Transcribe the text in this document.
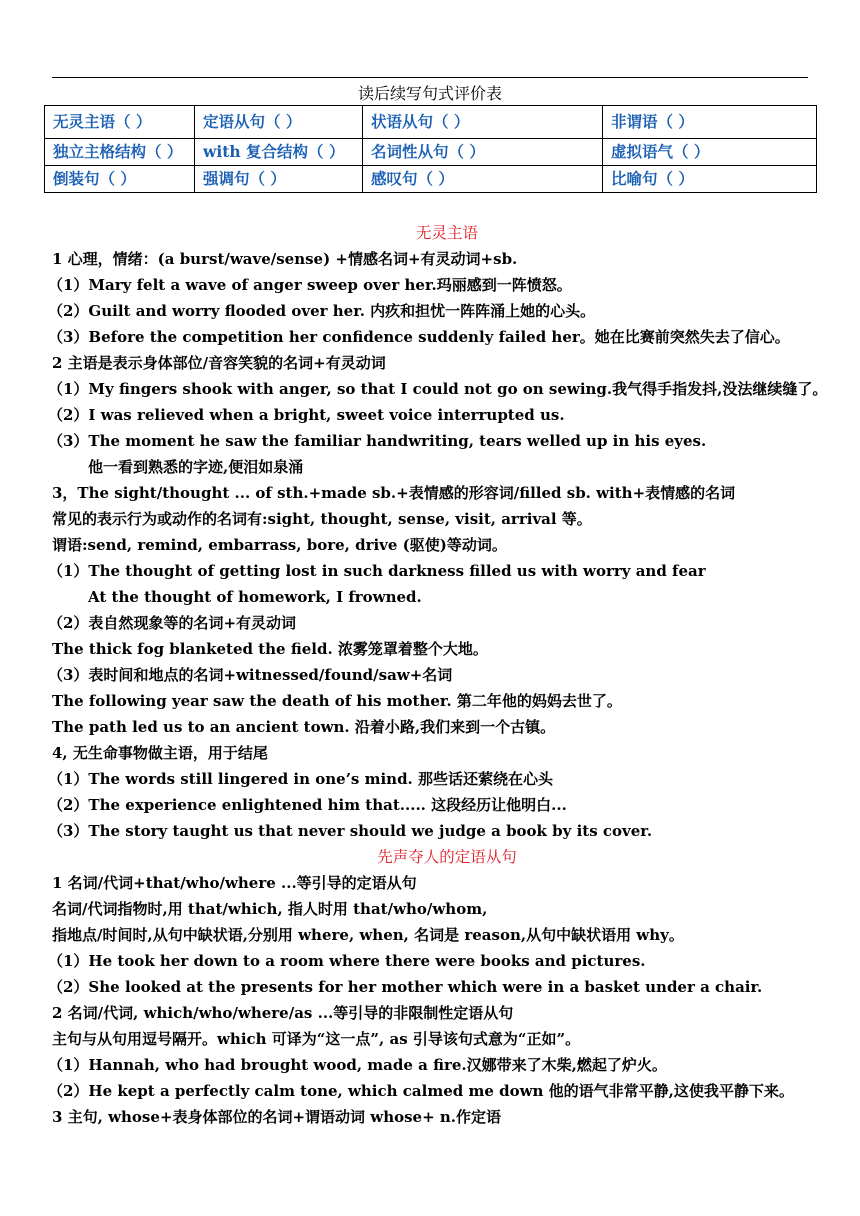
读后续写句式评价表
无灵主语（ ）	定语从句（ ）	状语从句（ ）	非谓语（ ）
独立主格结构（ ）	with 复合结构（ ）	名词性从句（ ）	虚拟语气（ ）
倒装句（ ）	强调句（ ）	感叹句（ ）	比喻句（ ）
无灵主语
1 心理，情绪：(a burst/wave/sense) +情感名词+有灵动词+sb.
（1）Mary felt a wave of anger sweep over her.玛丽感到一阵愤怒。
（2）Guilt and worry flooded over her. 内疚和担忧一阵阵涌上她的心头。
（3）Before the competition her confidence suddenly failed her。她在比赛前突然失去了信心。
2 主语是表示身体部位/音容笑貌的名词+有灵动词
（1）My fingers shook with anger, so that I could not go on sewing.我气得手指发抖,没法继续缝了。
（2）I was relieved when a bright, sweet voice interrupted us.
（3）The moment he saw the familiar handwriting, tears welled up in his eyes.
他一看到熟悉的字迹,便泪如泉涌
3，The sight/thought ... of sth.+made sb.+表情感的形容词/filled sb. with+表情感的名词
常见的表示行为或动作的名词有:sight, thought, sense, visit, arrival 等。
谓语:send, remind, embarrass, bore, drive (驱使)等动词。
（1）The thought of getting lost in such darkness filled us with worry and fear
At the thought of homework, I frowned.
（2）表自然现象等的名词+有灵动词
The thick fog blanketed the field. 浓雾笼罩着整个大地。
（3）表时间和地点的名词+witnessed/found/saw+名词
The following year saw the death of his mother. 第二年他的妈妈去世了。
The path led us to an ancient town. 沿着小路,我们来到一个古镇。
4, 无生命事物做主语，用于结尾
（1）The words still lingered in one’s mind. 那些话还萦绕在心头
（2）The experience enlightened him that..... 这段经历让他明白...
（3）The story taught us that never should we judge a book by its cover.
先声夺人的定语从句
1 名词/代词+that/who/where ...等引导的定语从句
名词/代词指物时,用 that/which, 指人时用 that/who/whom,
指地点/时间时,从句中缺状语,分别用 where, when, 名词是 reason,从句中缺状语用 why。
（1）He took her down to a room where there were books and pictures.
（2）She looked at the presents for her mother which were in a basket under a chair.
2 名词/代词, which/who/where/as ...等引导的非限制性定语从句
主句与从句用逗号隔开。which 可译为“这一点”, as 引导该句式意为“正如”。
（1）Hannah, who had brought wood, made a fire.汉娜带来了木柴,燃起了炉火。
（2）He kept a perfectly calm tone, which calmed me down 他的语气非常平静,这使我平静下来。
3 主句, whose+表身体部位的名词+谓语动词 whose+ n.作定语
